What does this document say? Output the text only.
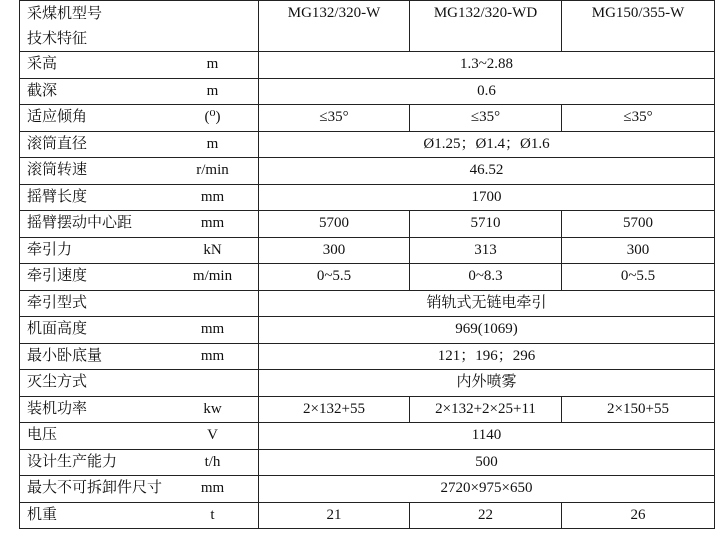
采煤机型号
技术特征	MG132/320-W	MG132/320-WD	MG150/355-W

采高 m	1.3~2.88		

截深 m	0.6		

适应倾角 (⁰)	≤35°	≤35°	≤35°

滚筒直径 m	Ø1.25；Ø1.4；Ø1.6		

滚筒转速 r/min	46.52		

摇臂长度 mm	1700		

摇臂摆动中心距 mm	5700	5710	5700

牵引力 kN	300	313	300

牵引速度 m/min	0~5.5	0~8.3	0~5.5

牵引型式	销轨式无链电牵引		

机面高度 mm	969(1069)		

最小卧底量 mm	121；196；296		

灭尘方式	内外喷雾		

装机功率 kw	2×132+55	2×132+2×25+11	2×150+55

电压 V	1140		

设计生产能力 t/h	500		

最大不可拆卸件尺寸 mm	2720×975×650		

机重 t	21	22	26
